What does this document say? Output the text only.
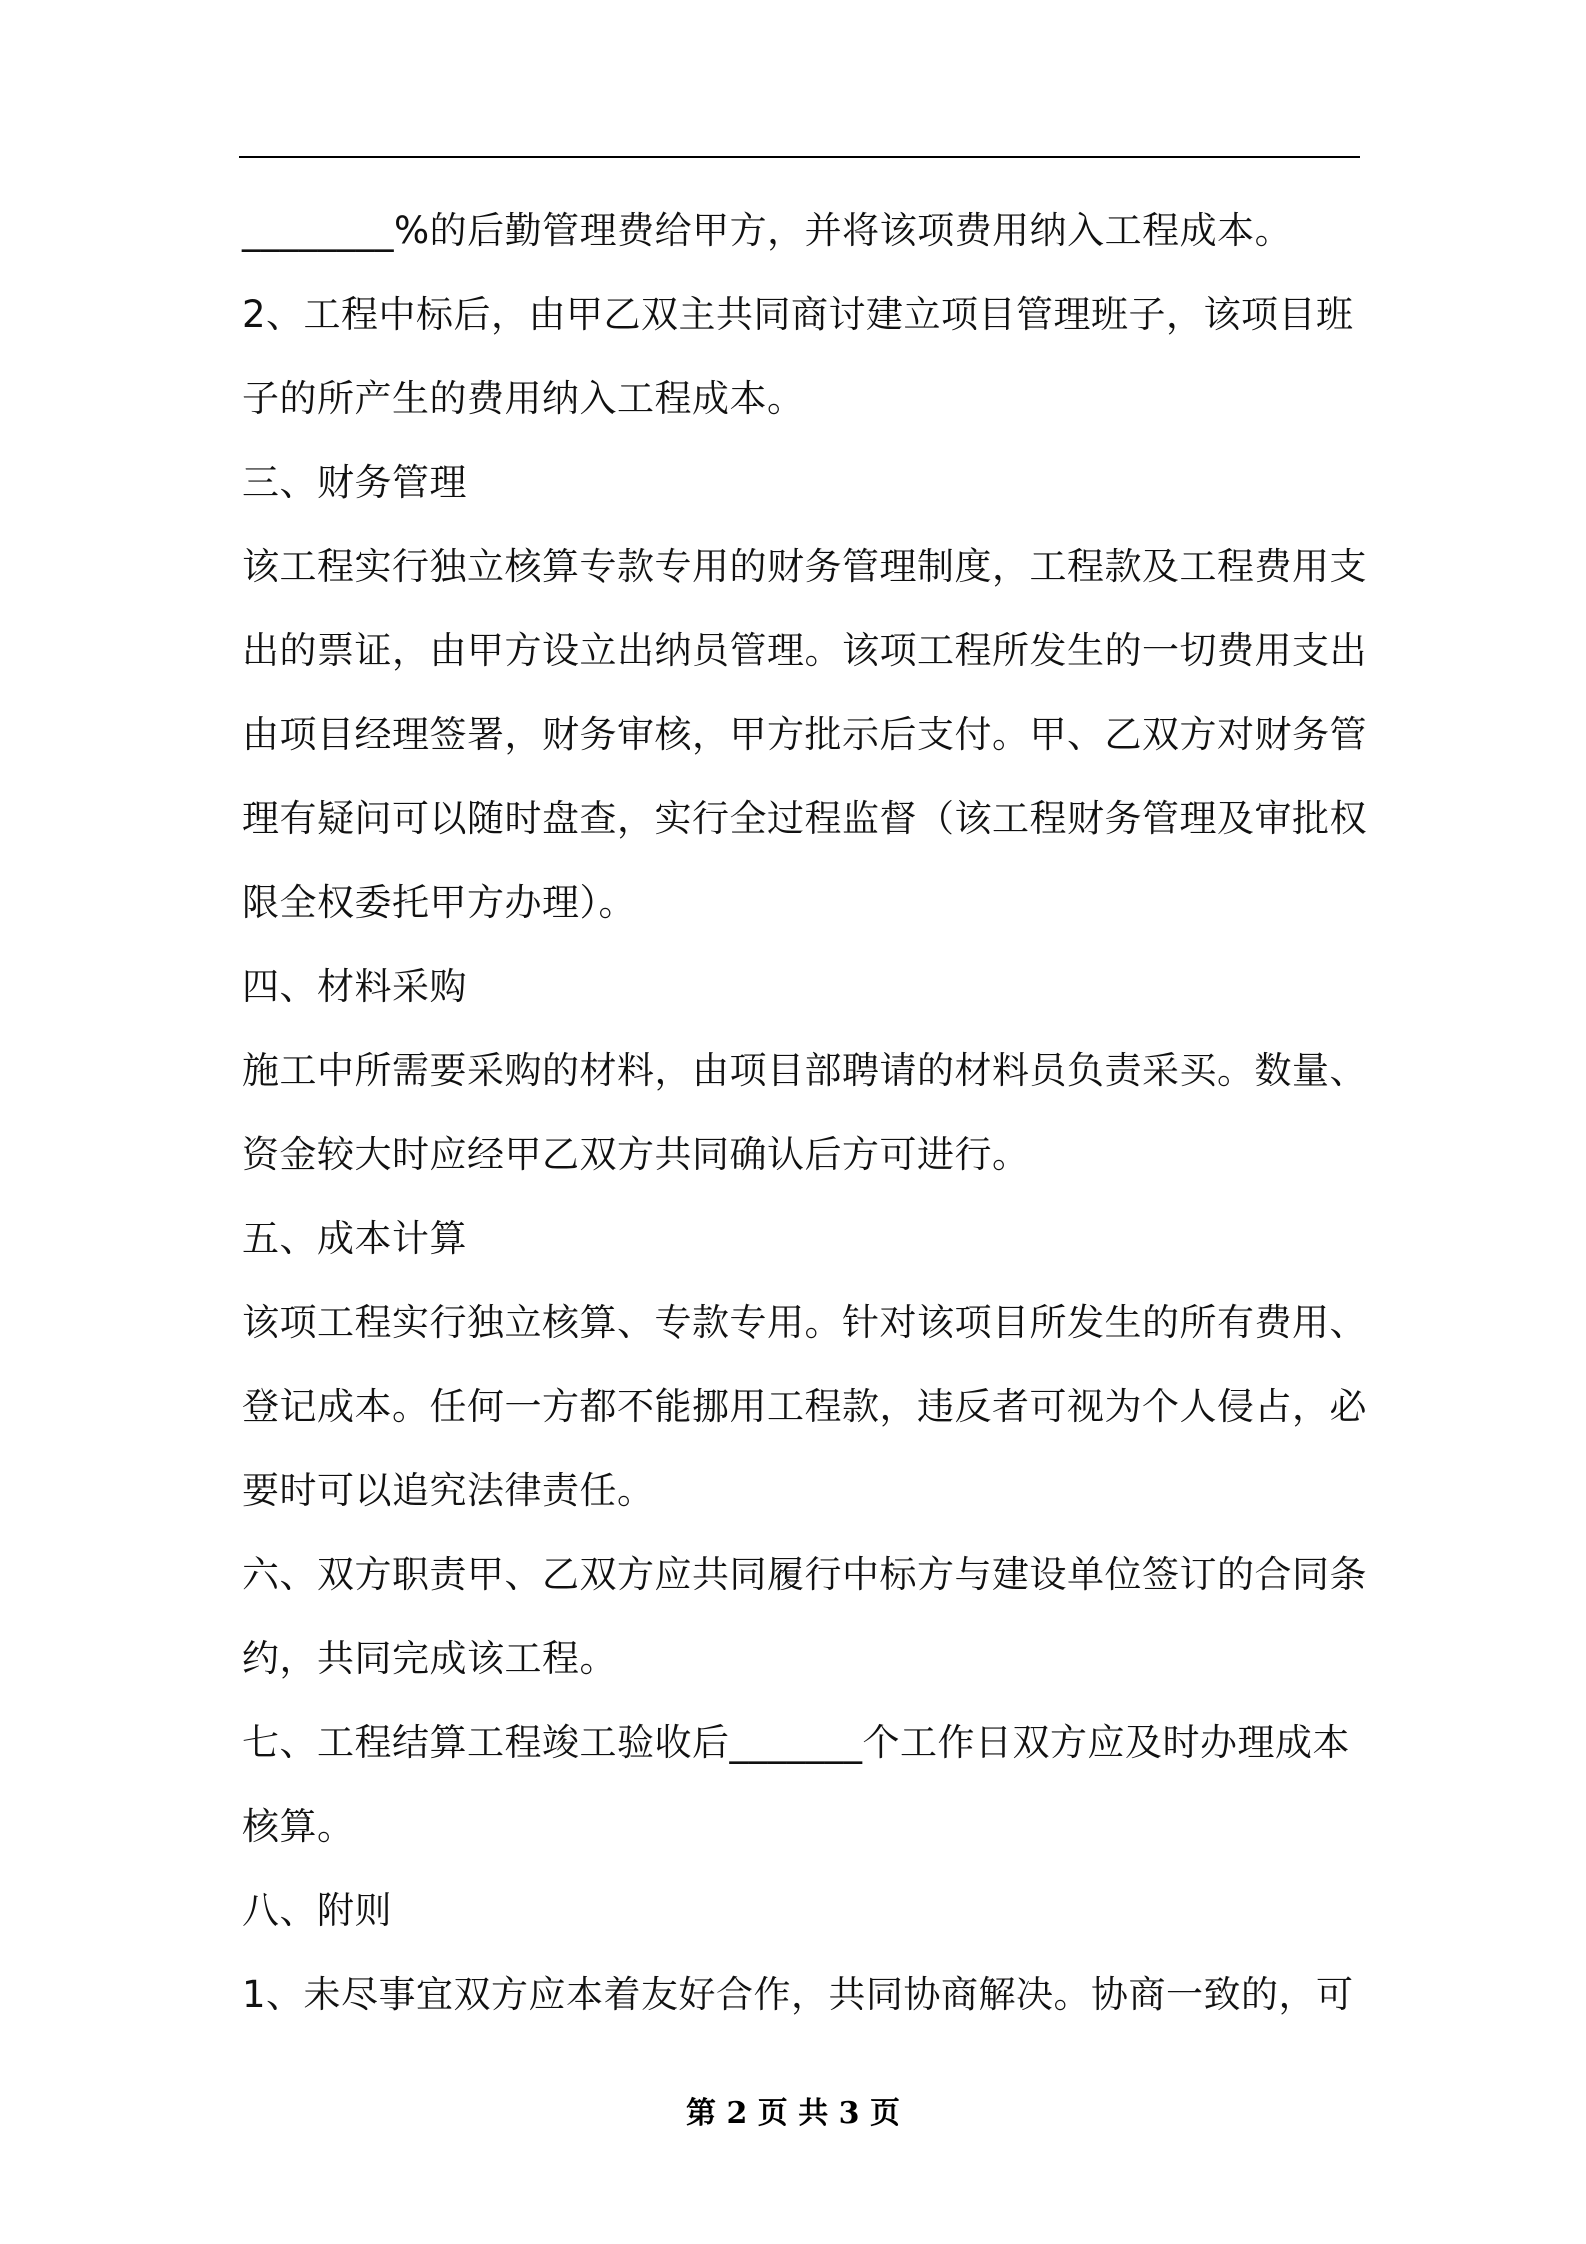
________%的后勤管理费给甲方，并将该项费用纳入工程成本。
2、工程中标后，由甲乙双主共同商讨建立项目管理班子，该项目班
子的所产生的费用纳入工程成本。
三、财务管理
该工程实行独立核算专款专用的财务管理制度，工程款及工程费用支
出的票证，由甲方设立出纳员管理。该项工程所发生的一切费用支出
由项目经理签署，财务审核，甲方批示后支付。甲、乙双方对财务管
理有疑问可以随时盘查，实行全过程监督（该工程财务管理及审批权
限全权委托甲方办理）。
四、材料采购
施工中所需要采购的材料，由项目部聘请的材料员负责采买。数量、
资金较大时应经甲乙双方共同确认后方可进行。
五、成本计算
该项工程实行独立核算、专款专用。针对该项目所发生的所有费用、
登记成本。任何一方都不能挪用工程款，违反者可视为个人侵占，必
要时可以追究法律责任。
六、双方职责甲、乙双方应共同履行中标方与建设单位签订的合同条
约，共同完成该工程。
七、工程结算工程竣工验收后_______个工作日双方应及时办理成本
核算。
八、附则
1、未尽事宜双方应本着友好合作，共同协商解决。协商一致的，可
第 2 页 共 3 页
